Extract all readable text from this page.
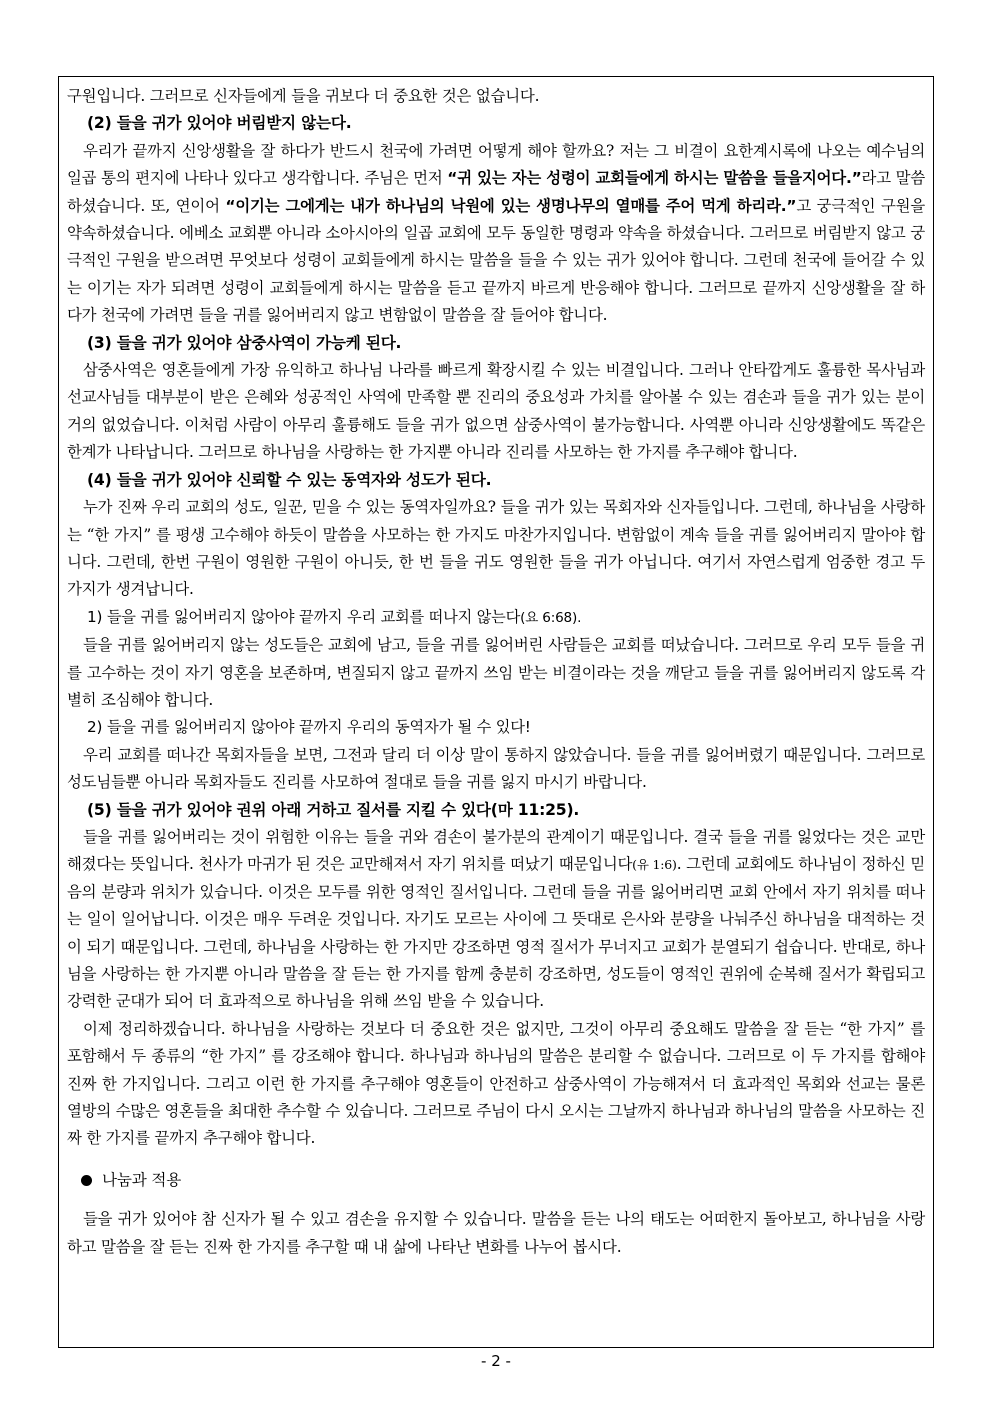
구원입니다. 그러므로 신자들에게 들을 귀보다 더 중요한 것은 없습니다.

(2) 들을 귀가 있어야 버림받지 않는다.

우리가 끝까지 신앙생활을 잘 하다가 반드시 천국에 가려면 어떻게 해야 할까요? 저는 그 비결이 요한계시록에 나오는 예수님의 일곱 통의 편지에 나타나 있다고 생각합니다. 주님은 먼저 “귀 있는 자는 성령이 교회들에게 하시는 말씀을 들을지어다.”라고 말씀하셨습니다. 또, 연이어 “이기는 그에게는 내가 하나님의 낙원에 있는 생명나무의 열매를 주어 먹게 하리라.”고 궁극적인 구원을 약속하셨습니다. 에베소 교회뿐 아니라 소아시아의 일곱 교회에 모두 동일한 명령과 약속을 하셨습니다. 그러므로 버림받지 않고 궁극적인 구원을 받으려면 무엇보다 성령이 교회들에게 하시는 말씀을 들을 수 있는 귀가 있어야 합니다. 그런데 천국에 들어갈 수 있는 이기는 자가 되려면 성령이 교회들에게 하시는 말씀을 듣고 끝까지 바르게 반응해야 합니다. 그러므로 끝까지 신앙생활을 잘 하다가 천국에 가려면 들을 귀를 잃어버리지 않고 변함없이 말씀을 잘 들어야 합니다.

(3) 들을 귀가 있어야 삼중사역이 가능케 된다.

삼중사역은 영혼들에게 가장 유익하고 하나님 나라를 빠르게 확장시킬 수 있는 비결입니다. 그러나 안타깝게도 훌륭한 목사님과 선교사님들 대부분이 받은 은혜와 성공적인 사역에 만족할 뿐 진리의 중요성과 가치를 알아볼 수 있는 겸손과 들을 귀가 있는 분이 거의 없었습니다. 이처럼 사람이 아무리 훌륭해도 들을 귀가 없으면 삼중사역이 불가능합니다. 사역뿐 아니라 신앙생활에도 똑같은 한계가 나타납니다. 그러므로 하나님을 사랑하는 한 가지뿐 아니라 진리를 사모하는 한 가지를 추구해야 합니다.

(4) 들을 귀가 있어야 신뢰할 수 있는 동역자와 성도가 된다.

누가 진짜 우리 교회의 성도, 일꾼, 믿을 수 있는 동역자일까요? 들을 귀가 있는 목회자와 신자들입니다. 그런데, 하나님을 사랑하는 “한 가지” 를 평생 고수해야 하듯이 말씀을 사모하는 한 가지도 마찬가지입니다. 변함없이 계속 들을 귀를 잃어버리지 말아야 합니다. 그런데, 한번 구원이 영원한 구원이 아니듯, 한 번 들을 귀도 영원한 들을 귀가 아닙니다. 여기서 자연스럽게 엄중한 경고 두 가지가 생겨납니다.

1) 들을 귀를 잃어버리지 않아야 끝까지 우리 교회를 떠나지 않는다(요 6:68).

들을 귀를 잃어버리지 않는 성도들은 교회에 남고, 들을 귀를 잃어버린 사람들은 교회를 떠났습니다. 그러므로 우리 모두 들을 귀를 고수하는 것이 자기 영혼을 보존하며, 변질되지 않고 끝까지 쓰임 받는 비결이라는 것을 깨닫고 들을 귀를 잃어버리지 않도록 각별히 조심해야 합니다.

2) 들을 귀를 잃어버리지 않아야 끝까지 우리의 동역자가 될 수 있다!

우리 교회를 떠나간 목회자들을 보면, 그전과 달리 더 이상 말이 통하지 않았습니다. 들을 귀를 잃어버렸기 때문입니다. 그러므로 성도님들뿐 아니라 목회자들도 진리를 사모하여 절대로 들을 귀를 잃지 마시기 바랍니다.

(5) 들을 귀가 있어야 권위 아래 거하고 질서를 지킬 수 있다(마 11:25).

들을 귀를 잃어버리는 것이 위험한 이유는 들을 귀와 겸손이 불가분의 관계이기 때문입니다. 결국 들을 귀를 잃었다는 것은 교만해졌다는 뜻입니다. 천사가 마귀가 된 것은 교만해져서 자기 위치를 떠났기 때문입니다(유 1:6). 그런데 교회에도 하나님이 정하신 믿음의 분량과 위치가 있습니다. 이것은 모두를 위한 영적인 질서입니다. 그런데 들을 귀를 잃어버리면 교회 안에서 자기 위치를 떠나는 일이 일어납니다. 이것은 매우 두려운 것입니다. 자기도 모르는 사이에 그 뜻대로 은사와 분량을 나눠주신 하나님을 대적하는 것이 되기 때문입니다. 그런데, 하나님을 사랑하는 한 가지만 강조하면 영적 질서가 무너지고 교회가 분열되기 쉽습니다. 반대로, 하나님을 사랑하는 한 가지뿐 아니라 말씀을 잘 듣는 한 가지를 함께 충분히 강조하면, 성도들이 영적인 권위에 순복해 질서가 확립되고 강력한 군대가 되어 더 효과적으로 하나님을 위해 쓰임 받을 수 있습니다.

이제 정리하겠습니다. 하나님을 사랑하는 것보다 더 중요한 것은 없지만, 그것이 아무리 중요해도 말씀을 잘 듣는 “한 가지” 를 포함해서 두 종류의 “한 가지” 를 강조해야 합니다. 하나님과 하나님의 말씀은 분리할 수 없습니다. 그러므로 이 두 가지를 합해야 진짜 한 가지입니다. 그리고 이런 한 가지를 추구해야 영혼들이 안전하고 삼중사역이 가능해져서 더 효과적인 목회와 선교는 물론 열방의 수많은 영혼들을 최대한 추수할 수 있습니다. 그러므로 주님이 다시 오시는 그날까지 하나님과 하나님의 말씀을 사모하는 진짜 한 가지를 끝까지 추구해야 합니다.

나눔과 적용

들을 귀가 있어야 참 신자가 될 수 있고 겸손을 유지할 수 있습니다. 말씀을 듣는 나의 태도는 어떠한지 돌아보고, 하나님을 사랑하고 말씀을 잘 듣는 진짜 한 가지를 추구할 때 내 삶에 나타난 변화를 나누어 봅시다.

- 2 -
